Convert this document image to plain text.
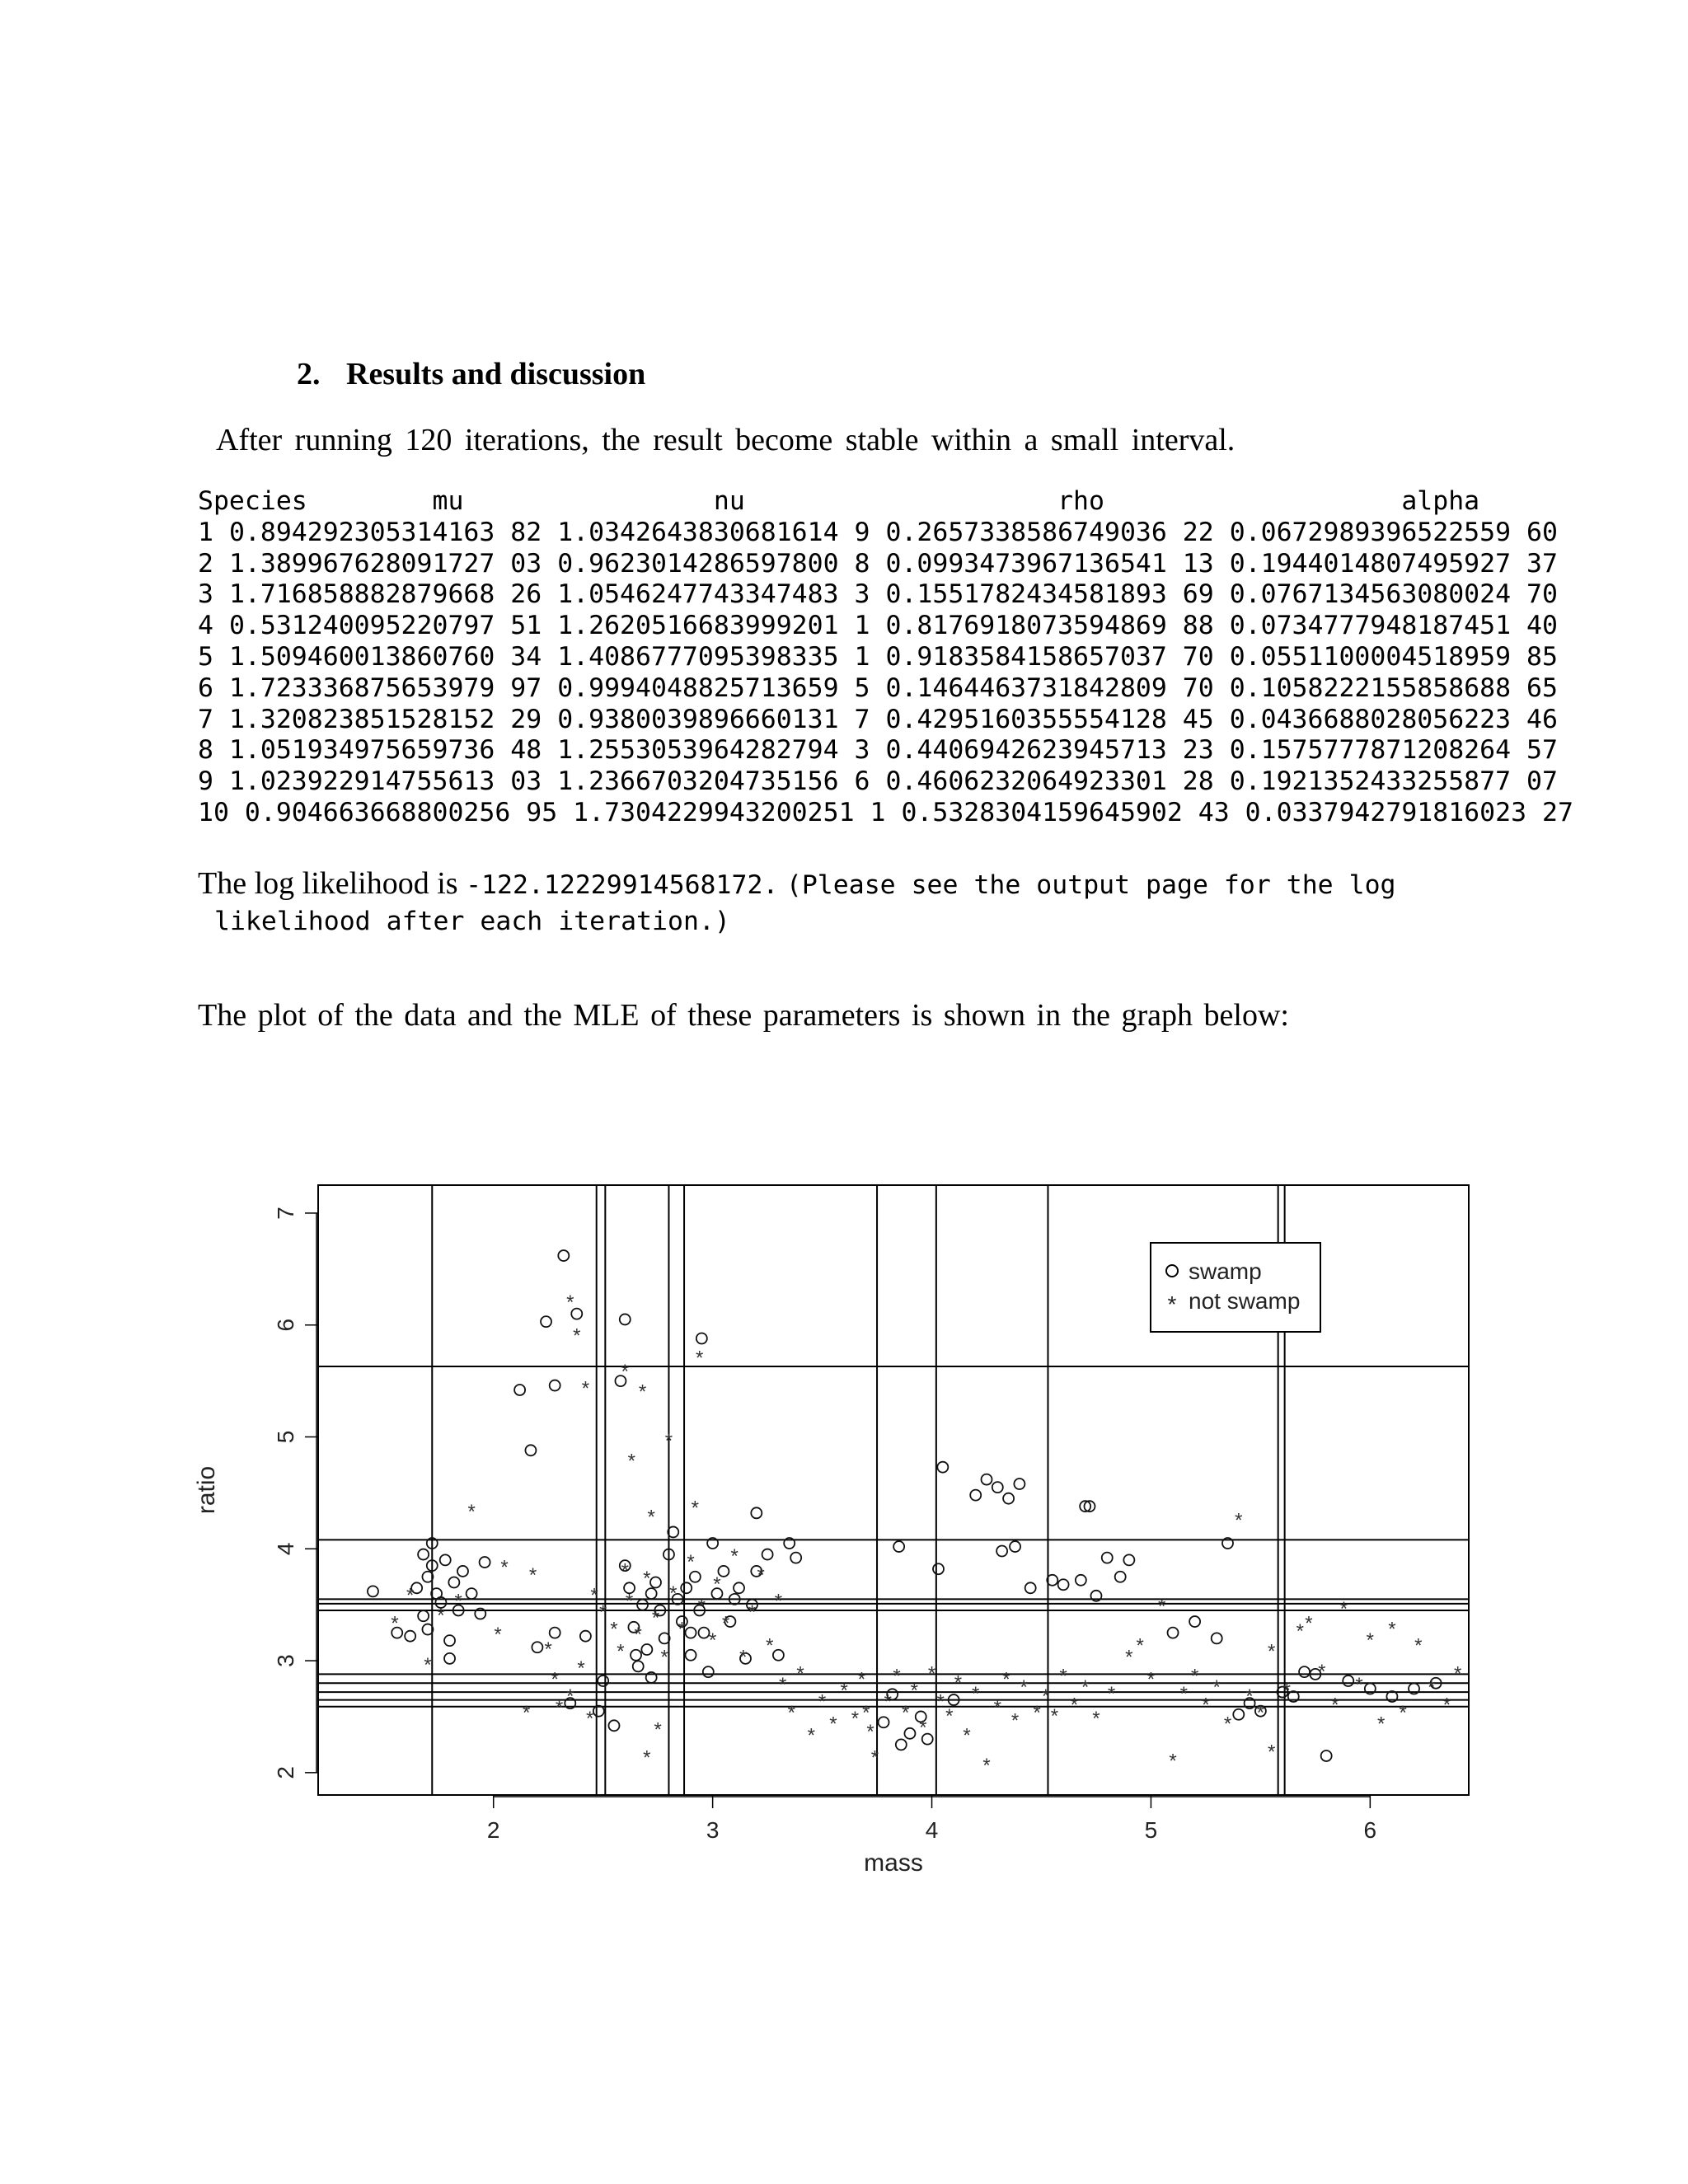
2. Results and discussion
After running 120 iterations, the result become stable within a small interval.
Species        mu	nu	rho	alpha
1 0.894292305314163 82 1.0342643830681614 9 0.2657338586749036 22 0.0672989396522559 60
2 1.389967628091727 03 0.9623014286597800 8 0.0993473967136541 13 0.1944014807495927 37
3 1.716858882879668 26 1.0546247743347483 3 0.1551782434581893 69 0.0767134563080024 70
4 0.531240095220797 51 1.2620516683999201 1 0.8176918073594869 88 0.0734777948187451 40
5 1.509460013860760 34 1.4086777095398335 1 0.9183584158657037 70 0.0551100004518959 85
6 1.723336875653979 97 0.9994048825713659 5 0.1464463731842809 70 0.1058222155858688 65
7 1.320823851528152 29 0.9380039896660131 7 0.4295160355554128 45 0.0436688028056223 46
8 1.051934975659736 48 1.2553053964282794 3 0.4406942623945713 23 0.1575777871208264 57
9 1.023922914755613 03 1.2366703204735156 6 0.4606232064923301 28 0.1921352433255877 07
10 0.904663668800256 95 1.7304229943200251 1 0.5328304159645902 43 0.0337942791816023 27

The log likelihood is -122.12229914568172. (Please see the output page for the log
likelihood after each iteration.)
The plot of the data and the MLE of these parameters is shown in the graph below:
*
*
*
*
*
*
*
*
*
*
*
*
*
*
*
*
*
*
*
*
*
*
*
*
*
*
*
*
*
*
*
*
*
*
*
*
*
*
*
*
*
*
*
*
*
*
*
*
*
*
*
*
*
*
*
*
*
*
*
*
*
*
*
*
*
*
*
*
*
*
*
*
*
*
*
*
*
*
*
*
*
*
*
*
*
*
*
*
*
*
*
*
*
*
*
*
*
*
*
*
*
*
*
* *
*
*
*
*
*
*
*
*
*
*
*
*
2	3	4	5	6
2
3
4
5
6
7
mass
ratio
swamp
* not swamp
